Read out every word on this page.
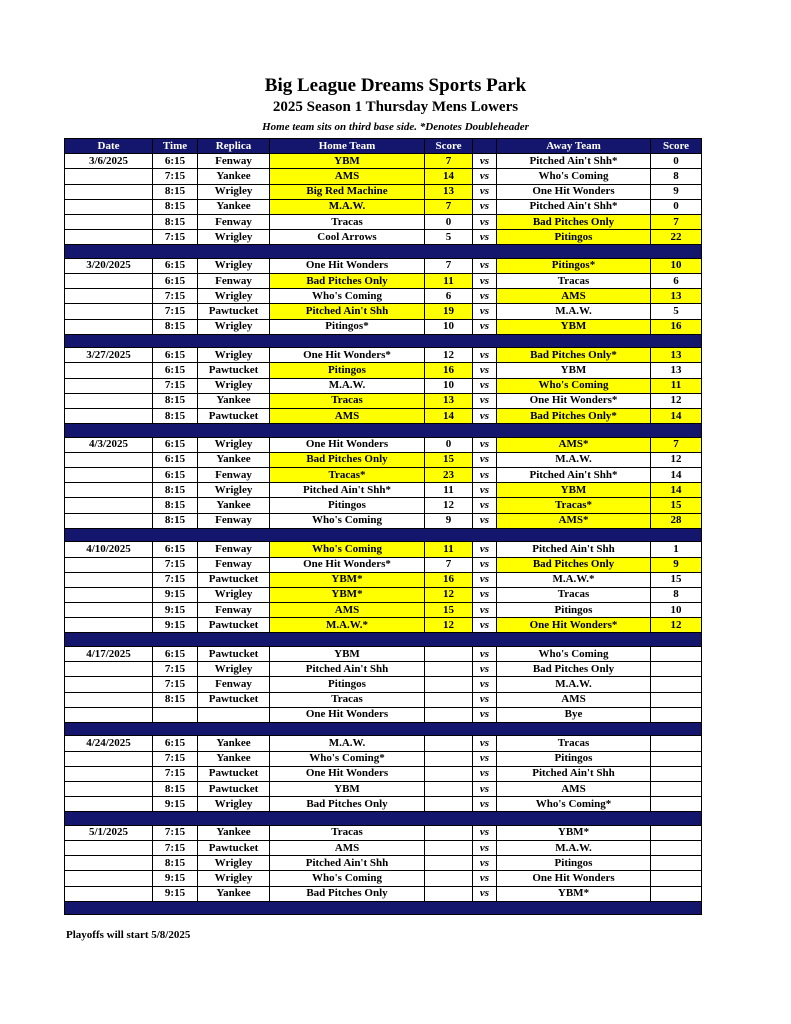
Big League Dreams Sports Park
2025 Season 1 Thursday Mens Lowers
Home team sits on third base side. *Denotes Doubleheader
Date	Time	Replica	Home Team	Score		Away Team	Score
3/6/2025	6:15	Fenway	YBM	7	vs	Pitched Ain't Shh*	0
	7:15	Yankee	AMS	14	vs	Who's Coming	8
	8:15	Wrigley	Big Red Machine	13	vs	One Hit Wonders	9
	8:15	Yankee	M.A.W.	7	vs	Pitched Ain't Shh*	0
	8:15	Fenway	Tracas	0	vs	Bad Pitches Only	7
	7:15	Wrigley	Cool Arrows	5	vs	Pitingos	22

3/20/2025	6:15	Wrigley	One Hit Wonders	7	vs	Pitingos*	10
	6:15	Fenway	Bad Pitches Only	11	vs	Tracas	6
	7:15	Wrigley	Who's Coming	6	vs	AMS	13
	7:15	Pawtucket	Pitched Ain't Shh	19	vs	M.A.W.	5
	8:15	Wrigley	Pitingos*	10	vs	YBM	16

3/27/2025	6:15	Wrigley	One Hit Wonders*	12	vs	Bad Pitches Only*	13
	6:15	Pawtucket	Pitingos	16	vs	YBM	13
	7:15	Wrigley	M.A.W.	10	vs	Who's Coming	11
	8:15	Yankee	Tracas	13	vs	One Hit Wonders*	12
	8:15	Pawtucket	AMS	14	vs	Bad Pitches Only*	14

4/3/2025	6:15	Wrigley	One Hit Wonders	0	vs	AMS*	7
	6:15	Yankee	Bad Pitches Only	15	vs	M.A.W.	12
	6:15	Fenway	Tracas*	23	vs	Pitched Ain't Shh*	14
	8:15	Wrigley	Pitched Ain't Shh*	11	vs	YBM	14
	8:15	Yankee	Pitingos	12	vs	Tracas*	15
	8:15	Fenway	Who's Coming	9	vs	AMS*	28

4/10/2025	6:15	Fenway	Who's Coming	11	vs	Pitched Ain't Shh	1
	7:15	Fenway	One Hit Wonders*	7	vs	Bad Pitches Only	9
	7:15	Pawtucket	YBM*	16	vs	M.A.W.*	15
	9:15	Wrigley	YBM*	12	vs	Tracas	8
	9:15	Fenway	AMS	15	vs	Pitingos	10
	9:15	Pawtucket	M.A.W.*	12	vs	One Hit Wonders*	12

4/17/2025	6:15	Pawtucket	YBM		vs	Who's Coming	
	7:15	Wrigley	Pitched Ain't Shh		vs	Bad Pitches Only	
	7:15	Fenway	Pitingos		vs	M.A.W.	
	8:15	Pawtucket	Tracas		vs	AMS	
			One Hit Wonders		vs	Bye	

4/24/2025	6:15	Yankee	M.A.W.		vs	Tracas	
	7:15	Yankee	Who's Coming*		vs	Pitingos	
	7:15	Pawtucket	One Hit Wonders		vs	Pitched Ain't Shh	
	8:15	Pawtucket	YBM		vs	AMS	
	9:15	Wrigley	Bad Pitches Only		vs	Who's Coming*	

5/1/2025	7:15	Yankee	Tracas		vs	YBM*	
	7:15	Pawtucket	AMS		vs	M.A.W.	
	8:15	Wrigley	Pitched Ain't Shh		vs	Pitingos	
	9:15	Wrigley	Who's Coming		vs	One Hit Wonders	
	9:15	Yankee	Bad Pitches Only		vs	YBM*	

Playoffs will start 5/8/2025
